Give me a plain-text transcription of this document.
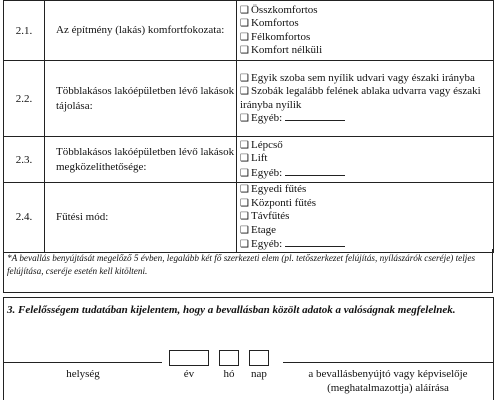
2.1.	Az építmény (lakás) komfortfokozata:	❑ Összkomfortos
❑ Komfortos
❑ Félkomfortos
❑ Komfort nélküli

2.2.	Többlakásos lakóépületben lévő lakások tájolása:	❑ Egyik szoba sem nyílik udvari vagy északi irányba
❑ Szobák legalább felének ablaka udvarra vagy északi irányba nyílik
❑ Egyéb:

2.3.	Többlakásos lakóépületben lévő lakások megközelíthetősége:	❑ Lépcső
❑ Lift
❑ Egyéb:

2.4.	Fűtési mód:	❑ Egyedi fűtés
❑ Központi fűtés
❑ Távfűtés
❑ Etage
❑ Egyéb:
*A bevallás benyújtását megelőző 5 évben, legalább két fő szerkezeti elem (pl. tetőszerkezet felújítás, nyílászárók cseréje) teljes felújítása, cseréje esetén kell kitölteni.
3. Felelősségem tudatában kijelentem, hogy a bevallásban közölt adatok a valóságnak megfelelnek.
helység	év	hó	nap	a bevallásbenyújtó vagy képviselője
(meghatalmazottja) aláírása
